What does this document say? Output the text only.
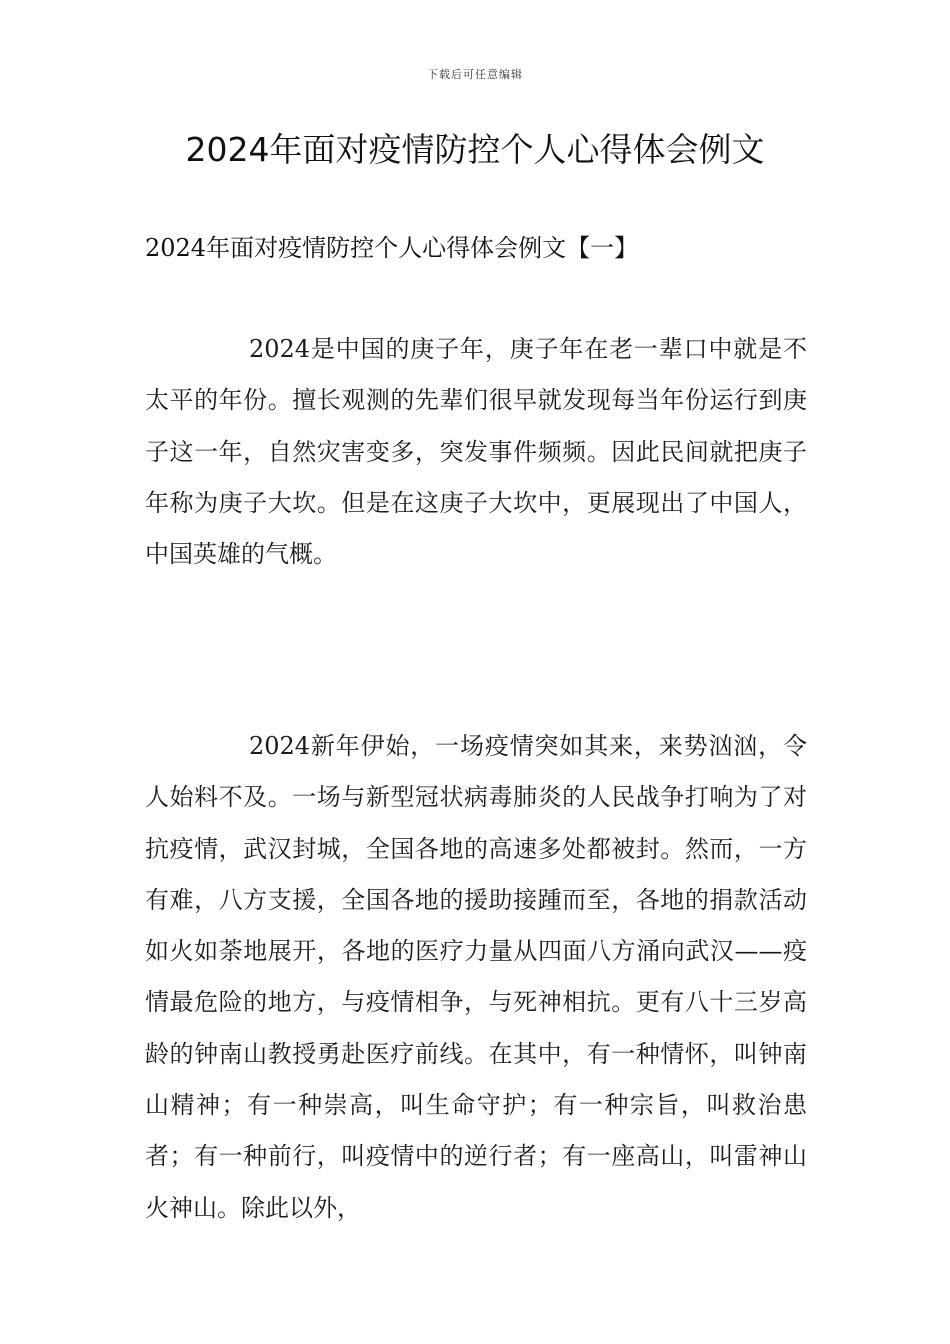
下载后可任意编辑
2024年面对疫情防控个人心得体会例文
2024年面对疫情防控个人心得体会例文【一】

2024是中国的庚子年，庚子年在老一辈口中就是不太平的年份。擅长观测的先辈们很早就发现每当年份运行到庚子这一年，自然灾害变多，突发事件频频。因此民间就把庚子年称为庚子大坎。但是在这庚子大坎中，更展现出了中国人，中国英雄的气概。

2024新年伊始，一场疫情突如其来，来势汹汹，令人始料不及。一场与新型冠状病毒肺炎的人民战争打响为了对抗疫情，武汉封城，全国各地的高速多处都被封。然而，一方有难，八方支援，全国各地的援助接踵而至，各地的捐款活动如火如荼地展开，各地的医疗力量从四面八方涌向武汉——疫情最危险的地方，与疫情相争，与死神相抗。更有八十三岁高龄的钟南山教授勇赴医疗前线。在其中，有一种情怀，叫钟南山精神；有一种崇高，叫生命守护；有一种宗旨，叫救治患者；有一种前行，叫疫情中的逆行者；有一座高山，叫雷神山火神山。除此以外，
